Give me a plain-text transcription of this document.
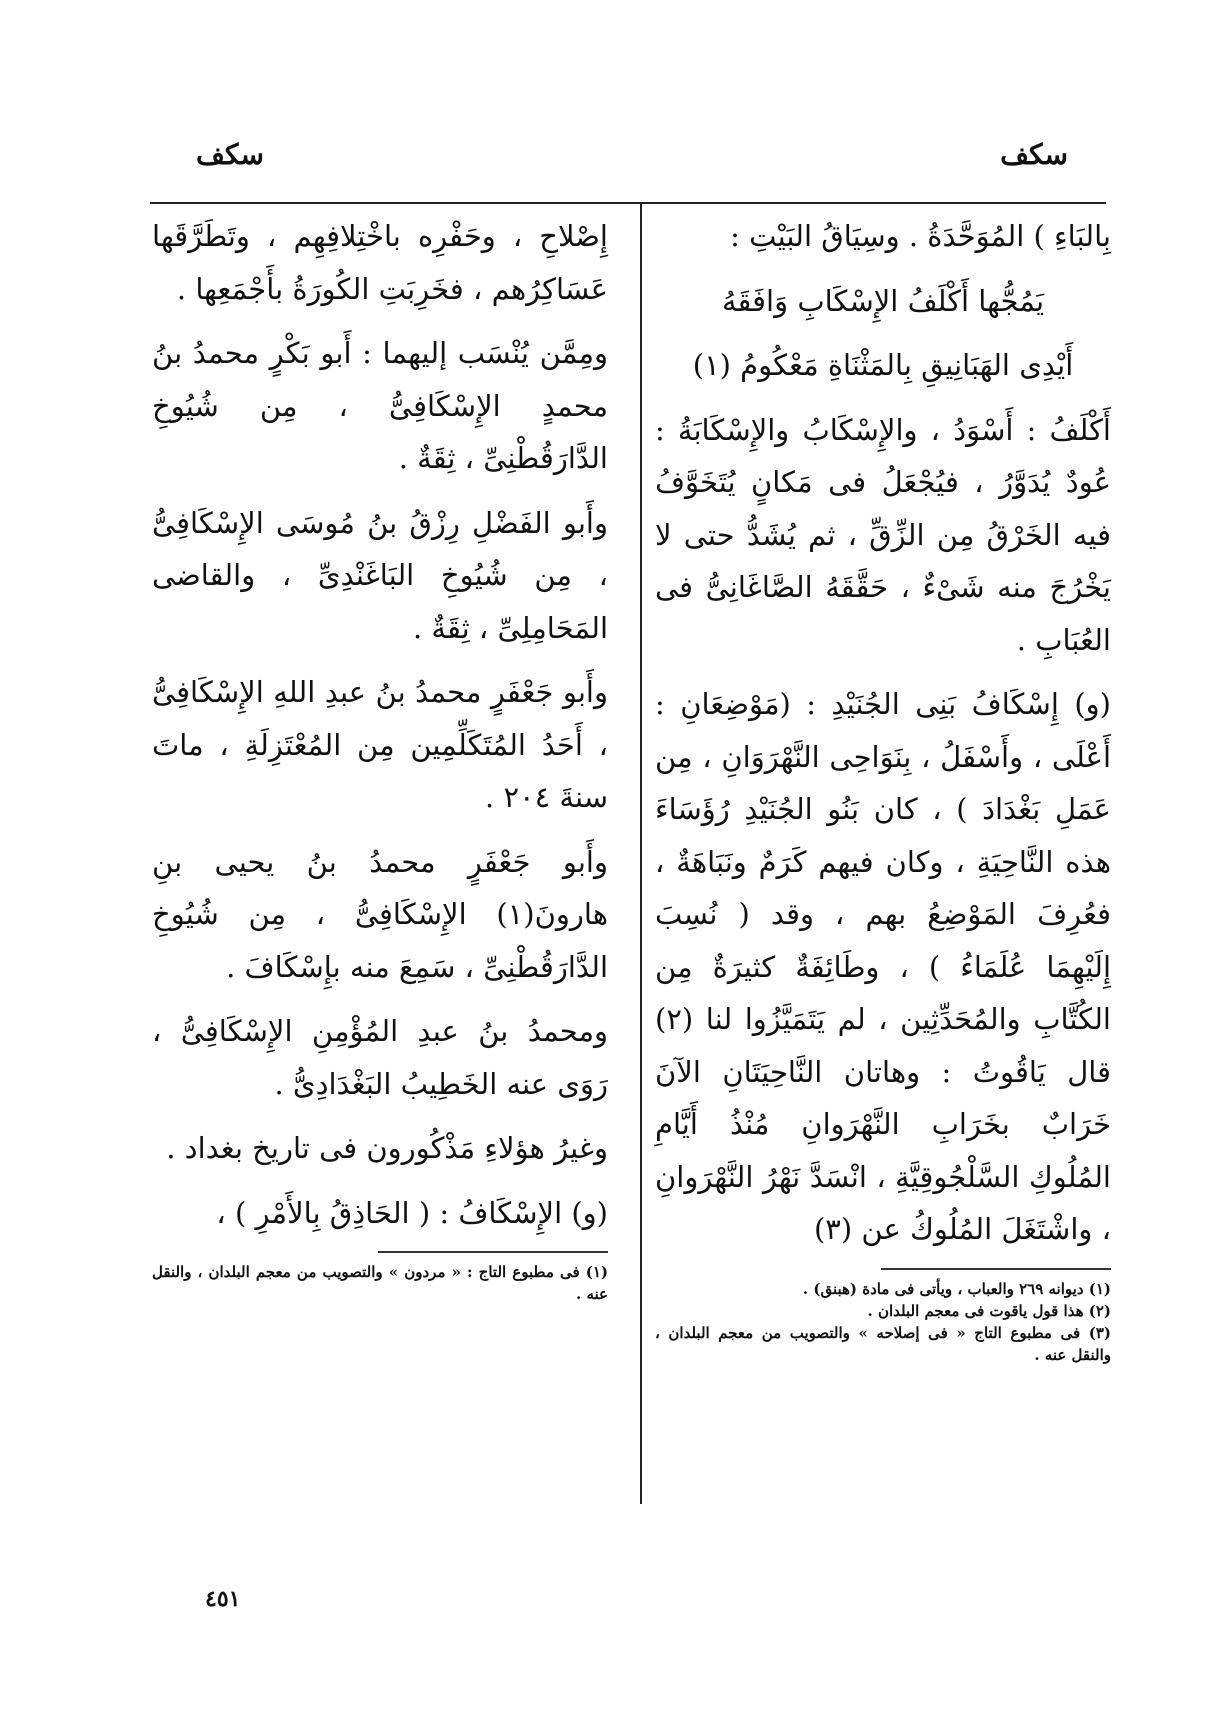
سكف
سكف

بِالبَاءِ ) المُوَحَّدَةُ . وسِيَاقُ البَيْتِ :

يَمُجُّها أَكْلَفُ الإِسْكَابِ وَافَقَهُ

أَيْدِى الهَبَانِيقِ بِالمَثْنَاةِ مَعْكُومُ (١)

أَكْلَفُ : أَسْوَدُ ، والإِسْكَابُ والإِسْكَابَةُ : عُودٌ يُدَوَّرُ ، فيُجْعَلُ فى مَكانٍ يُتَخَوَّفُ فيه الخَرْقُ مِن الزِّقِّ ، ثم يُشَدُّ حتى لا يَخْرُجَ منه شَىْءٌ ، حَقَّقَهُ الصَّاغَانِىُّ فى العُبَابِ .

(و) إِسْكَافُ بَنِى الجُنَيْدِ : (مَوْضِعَانِ : أَعْلَى ، وأَسْفَلُ ، بِنَوَاحِى النَّهْرَوَانِ ، مِن عَمَلِ بَغْدَادَ ) ، كان بَنُو الجُنَيْدِ رُؤَسَاءَ هذه النَّاحِيَةِ ، وكان فيهم كَرَمٌ ونَبَاهَةٌ ، فعُرِفَ المَوْضِعُ بهم ، وقد ( نُسِبَ إِلَيْهِمَا عُلَمَاءُ ) ، وطَائِفَةٌ كثيرَةٌ مِن الكُتَّابِ والمُحَدِّثِين ، لم يَتَمَيَّزُوا لنا (٢) قال يَاقُوتُ : وهاتان النَّاحِيَتَانِ الآنَ خَرَابٌ بخَرَابِ النَّهْرَوانِ مُنْذُ أَيَّامِ المُلُوكِ السَّلْجُوقِيَّةِ ، انْسَدَّ نَهْرُ النَّهْرَوانِ ، واشْتَغَلَ المُلُوكُ عن (٣)

(١) ديوانه ٢٦٩ والعباب ، ويأتى فى مادة (هبنق) .

(٢) هذا قول ياقوت فى معجم البلدان .

(٣) فى مطبوع التاج « فى إصلاحه » والتصويب من معجم البلدان ، والنقل عنه .

إِصْلاحِ ، وحَفْرِه باخْتِلافِهِم ، وتَطَرَّقَها عَسَاكِرُهم ، فخَرِبَتِ الكُورَةُ بأَجْمَعِها .

ومِمَّن يُنْسَب إليهما : أَبو بَكْرٍ محمدُ بنُ محمدٍ الإِسْكَافِىُّ ، مِن شُيُوخِ الدَّارَقُطْنِىِّ ، ثِقَةٌ .

وأَبو الفَضْلِ رِزْقُ بنُ مُوسَى الإِسْكَافِىُّ ، مِن شُيُوخِ البَاغَنْدِىِّ ، والقاضى المَحَامِلِىِّ ، ثِقَةٌ .

وأَبو جَعْفَرٍ محمدُ بنُ عبدِ اللهِ الإِسْكَافِىُّ ، أَحَدُ المُتَكَلِّمِين مِن المُعْتَزِلَةِ ، ماتَ سنةَ ٢٠٤ .

وأَبو جَعْفَرٍ محمدُ بنُ يحيى بنِ هارونَ(١) الإِسْكَافِىُّ ، مِن شُيُوخِ الدَّارَقُطْنِىِّ ، سَمِعَ منه بإِسْكَافَ .

ومحمدُ بنُ عبدِ المُؤْمِنِ الإِسْكَافِىُّ ، رَوَى عنه الخَطِيبُ البَغْدَادِىُّ .

وغيرُ هؤلاءِ مَذْكُورون فى تاريخ بغداد .

(و) الإِسْكَافُ : ( الحَاذِقُ بِالأَمْرِ ) ،

(١) فى مطبوع التاج : « مردون » والتصويب من معجم البلدان ، والنقل عنه .

٤٥١
